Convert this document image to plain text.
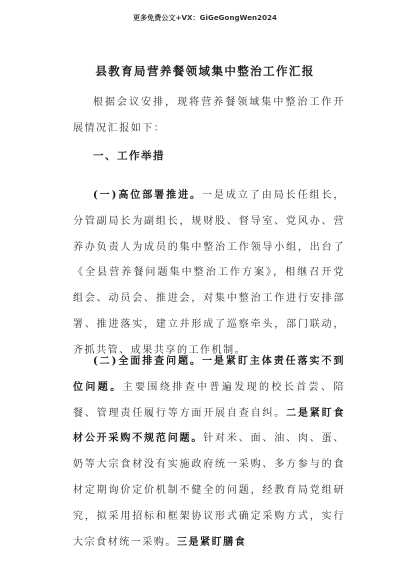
更多免费公文+VX：GiGeGongWen2024
县教育局营养餐领域集中整治工作汇报
根据会议安排，现将营养餐领域集中整治工作开展情况汇报如下：
一、工作举措
(一)高位部署推进。一是成立了由局长任组长，分管副局长为副组长，规财股、督导室、党风办、营养办负责人为成员的集中整治工作领导小组，出台了《全县营养餐问题集中整治工作方案》，相继召开党组会、动员会、推进会，对集中整治工作进行安排部署、推进落实，建立并形成了巡察牵头，部门联动，齐抓共管、成果共享的工作机制。
(二)全面排查问题。一是紧盯主体责任落实不到位问题。主要围绕排查中普遍发现的校长首尝、陪餐、管理责任履行等方面开展自查自纠。二是紧盯食材公开采购不规范问题。针对米、面、油、肉、蛋、奶等大宗食材没有实施政府统一采购、多方参与的食材定期询价定价机制不健全的问题，经教育局党组研究，拟采用招标和框架协议形式确定采购方式，实行大宗食材统一采购。三是紧盯膳食
